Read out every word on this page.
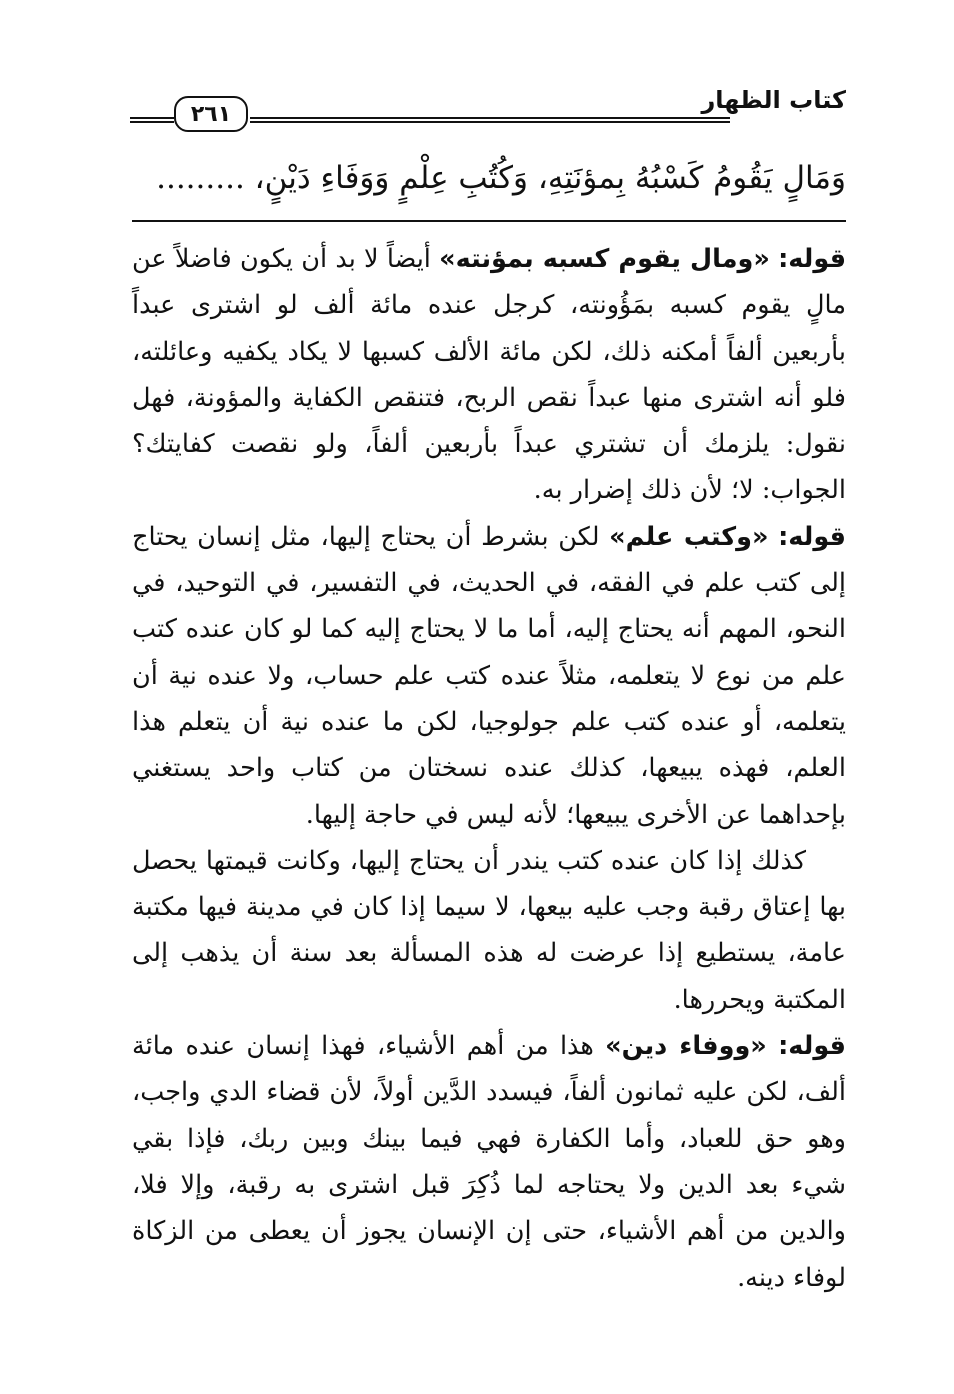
٢٦١	كتاب الظهار
وَمَالٍ يَقُومُ كَسْبُهُ بِمؤنَتِهِ، وَكُتُبِ عِلْمٍ وَوَفَاءِ دَيْنٍ، .........

قوله: «ومال يقوم كسبه بمؤنته» أيضاً لا بد أن يكون فاضلاً عن مالٍ يقوم كسبه بمَؤُونته، كرجل عنده مائة ألف لو اشترى عبداً بأربعين ألفاً أمكنه ذلك، لكن مائة الألف كسبها لا يكاد يكفيه وعائلته، فلو أنه اشترى منها عبداً نقص الربح، فتنقص الكفاية والمؤونة، فهل نقول: يلزمك أن تشتري عبداً بأربعين ألفاً، ولو نقصت كفايتك؟ الجواب: لا؛ لأن ذلك إضرار به.

قوله: «وكتب علم» لكن بشرط أن يحتاج إليها، مثل إنسان يحتاج إلى كتب علم في الفقه، في الحديث، في التفسير، في التوحيد، في النحو، المهم أنه يحتاج إليه، أما ما لا يحتاج إليه كما لو كان عنده كتب علم من نوع لا يتعلمه، مثلاً عنده كتب علم حساب، ولا عنده نية أن يتعلمه، أو عنده كتب علم جولوجيا، لكن ما عنده نية أن يتعلم هذا العلم، فهذه يبيعها، كذلك عنده نسختان من كتاب واحد يستغني بإحداهما عن الأخرى يبيعها؛ لأنه ليس في حاجة إليها.

كذلك إذا كان عنده كتب يندر أن يحتاج إليها، وكانت قيمتها يحصل بها إعتاق رقبة وجب عليه بيعها، لا سيما إذا كان في مدينة فيها مكتبة عامة، يستطيع إذا عرضت له هذه المسألة بعد سنة أن يذهب إلى المكتبة ويحررها.

قوله: «ووفاء دين» هذا من أهم الأشياء، فهذا إنسان عنده مائة ألف، لكن عليه ثمانون ألفاً، فيسدد الدَّين أولاً، لأن قضاء الدي واجب، وهو حق للعباد، وأما الكفارة فهي فيما بينك وبين ربك، فإذا بقي شيء بعد الدين ولا يحتاجه لما ذُكِرَ قبل اشترى به رقبة، وإلا فلا، والدين من أهم الأشياء، حتى إن الإنسان يجوز أن يعطى من الزكاة لوفاء دينه.
